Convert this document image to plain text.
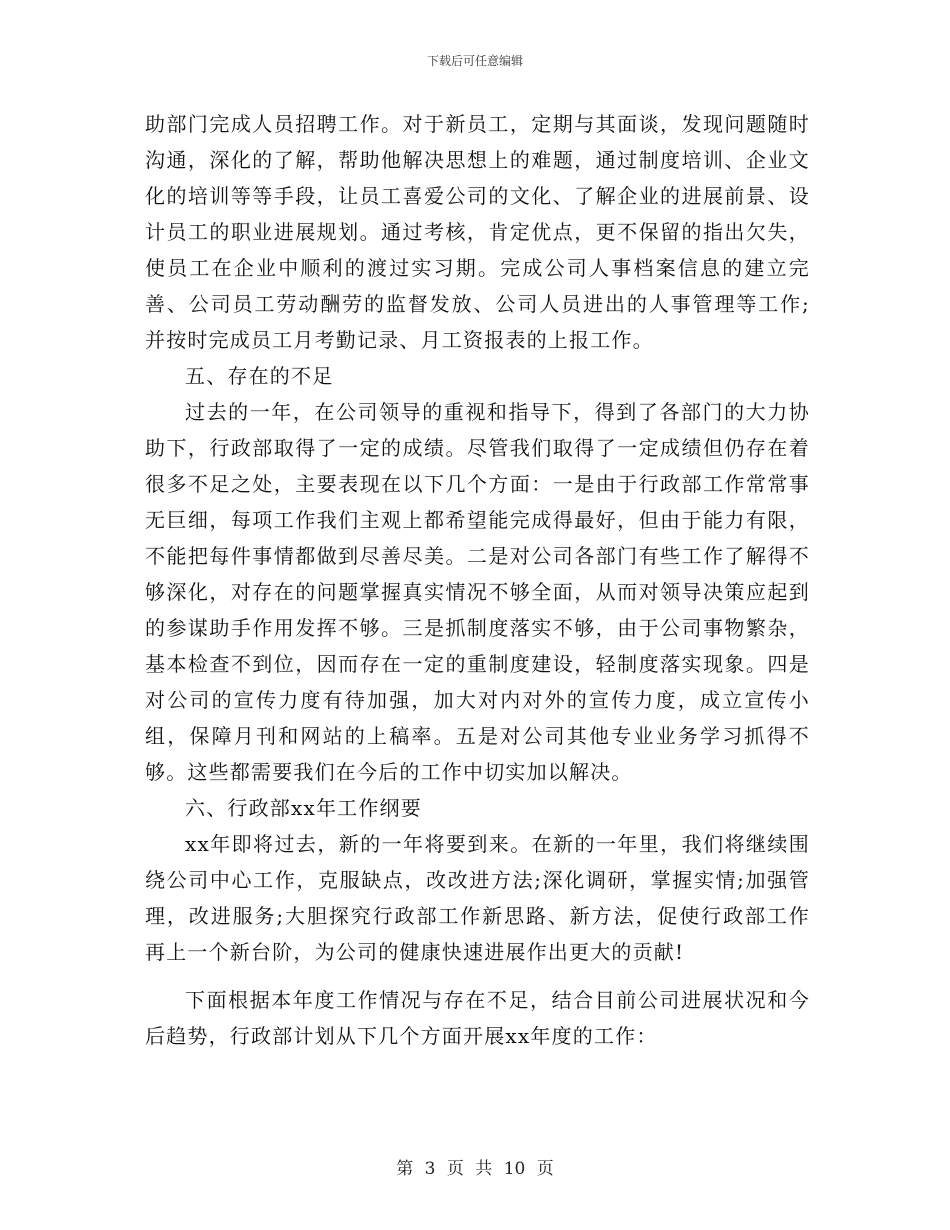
下载后可任意编辑

助部门完成人员招聘工作。对于新员工，定期与其面谈，发现问题随时沟通，深化的了解，帮助他解决思想上的难题，通过制度培训、企业文化的培训等等手段，让员工喜爱公司的文化、了解企业的进展前景、设计员工的职业进展规划。通过考核，肯定优点，更不保留的指出欠失，使员工在企业中顺利的渡过实习期。完成公司人事档案信息的建立完善、公司员工劳动酬劳的监督发放、公司人员进出的人事管理等工作;并按时完成员工月考勤记录、月工资报表的上报工作。

五、存在的不足

过去的一年，在公司领导的重视和指导下，得到了各部门的大力协助下，行政部取得了一定的成绩。尽管我们取得了一定成绩但仍存在着很多不足之处，主要表现在以下几个方面：一是由于行政部工作常常事无巨细，每项工作我们主观上都希望能完成得最好，但由于能力有限，不能把每件事情都做到尽善尽美。二是对公司各部门有些工作了解得不够深化，对存在的问题掌握真实情况不够全面，从而对领导决策应起到的参谋助手作用发挥不够。三是抓制度落实不够，由于公司事物繁杂，基本检查不到位，因而存在一定的重制度建设，轻制度落实现象。四是对公司的宣传力度有待加强，加大对内对外的宣传力度，成立宣传小组，保障月刊和网站的上稿率。五是对公司其他专业业务学习抓得不够。这些都需要我们在今后的工作中切实加以解决。

六、行政部xx年工作纲要

xx年即将过去，新的一年将要到来。在新的一年里，我们将继续围绕公司中心工作，克服缺点，改改进方法;深化调研，掌握实情;加强管理，改进服务;大胆探究行政部工作新思路、新方法，促使行政部工作再上一个新台阶，为公司的健康快速进展作出更大的贡献!

下面根据本年度工作情况与存在不足，结合目前公司进展状况和今后趋势，行政部计划从下几个方面开展xx年度的工作：

第 3 页 共 10 页
